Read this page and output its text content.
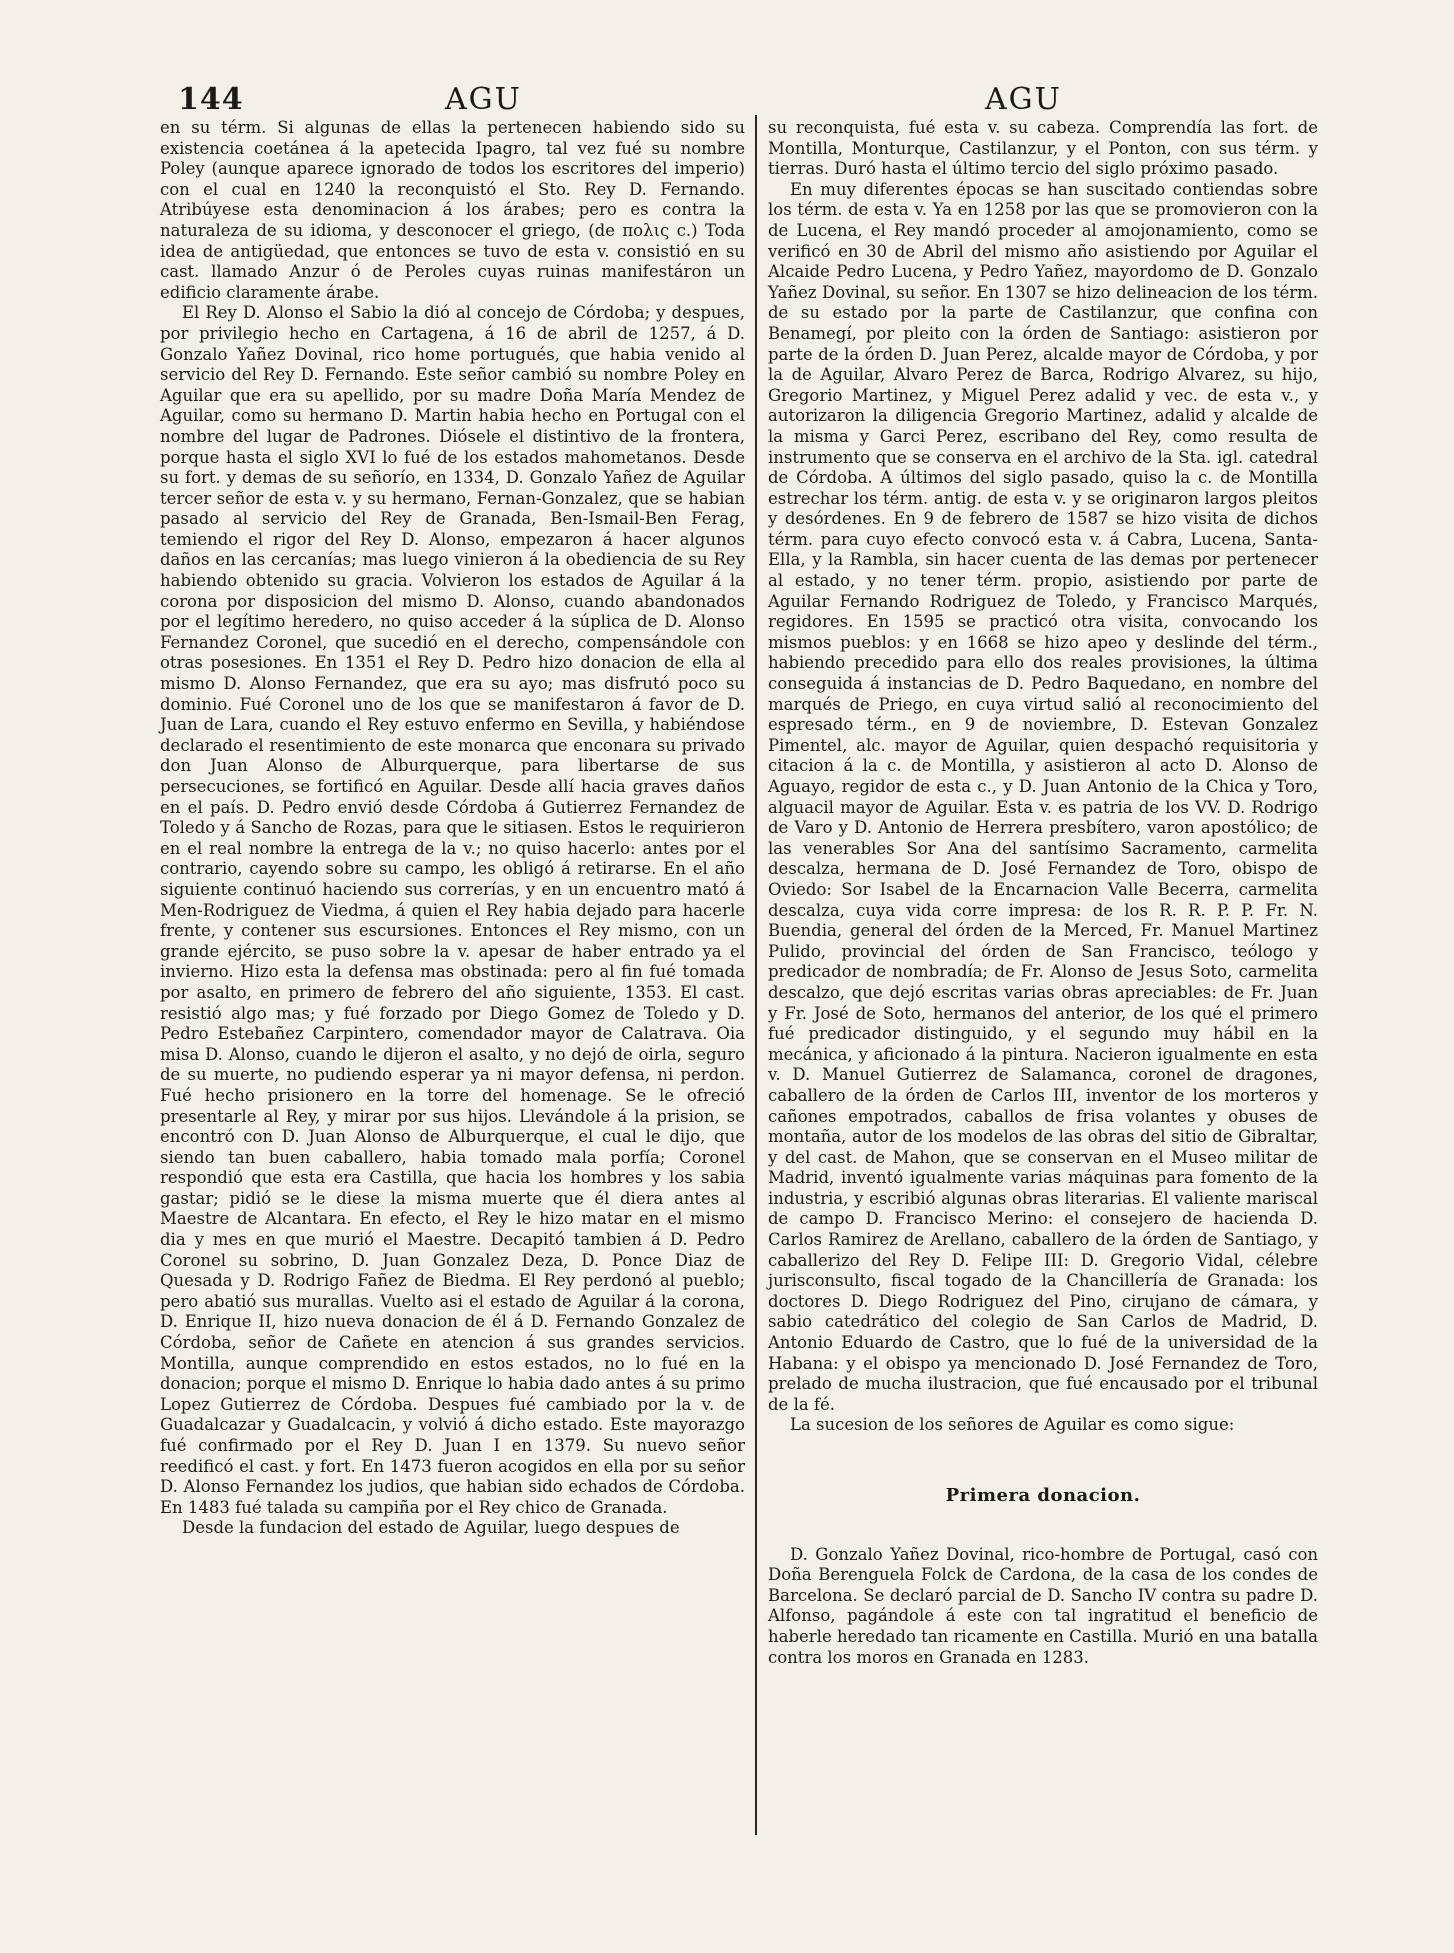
144	AGU	AGU

en su térm. Si algunas de ellas la pertenecen habiendo sido su existencia coetánea á la apetecida Ipagro, tal vez fué su nombre Poley (aunque aparece ignorado de todos los escritores del imperio) con el cual en 1240 la reconquistó el Sto. Rey D. Fernando. Atribúyese esta denominacion á los árabes; pero es contra la naturaleza de su idioma, y desconocer el griego, (de πολις c.) Toda idea de antigüedad, que entonces se tuvo de esta v. consistió en su cast. llamado Anzur ó de Peroles cuyas ruinas manifestáron un edificio claramente árabe.

El Rey D. Alonso el Sabio la dió al concejo de Córdoba; y despues, por privilegio hecho en Cartagena, á 16 de abril de 1257, á D. Gonzalo Yañez Dovinal, rico home portugués, que habia venido al servicio del Rey D. Fernando. Este señor cambió su nombre Poley en Aguilar que era su apellido, por su madre Doña María Mendez de Aguilar, como su hermano D. Martin habia hecho en Portugal con el nombre del lugar de Padrones. Diósele el distintivo de la frontera, porque hasta el siglo XVI lo fué de los estados mahometanos. Desde su fort. y demas de su señorío, en 1334, D. Gonzalo Yañez de Aguilar tercer señor de esta v. y su hermano, Fernan-Gonzalez, que se habian pasado al servicio del Rey de Granada, Ben-Ismail-Ben Ferag, temiendo el rigor del Rey D. Alonso, empezaron á hacer algunos daños en las cercanías; mas luego vinieron á la obediencia de su Rey habiendo obtenido su gracia. Volvieron los estados de Aguilar á la corona por disposicion del mismo D. Alonso, cuando abandonados por el legítimo heredero, no quiso acceder á la súplica de D. Alonso Fernandez Coronel, que sucedió en el derecho, compensándole con otras posesiones. En 1351 el Rey D. Pedro hizo donacion de ella al mismo D. Alonso Fernandez, que era su ayo; mas disfrutó poco su dominio. Fué Coronel uno de los que se manifestaron á favor de D. Juan de Lara, cuando el Rey estuvo enfermo en Sevilla, y habiéndose declarado el resentimiento de este monarca que enconara su privado don Juan Alonso de Alburquerque, para libertarse de sus persecuciones, se fortificó en Aguilar. Desde allí hacia graves daños en el país. D. Pedro envió desde Córdoba á Gutierrez Fernandez de Toledo y á Sancho de Rozas, para que le sitiasen. Estos le requirieron en el real nombre la entrega de la v.; no quiso hacerlo: antes por el contrario, cayendo sobre su campo, les obligó á retirarse. En el año siguiente continuó haciendo sus correrías, y en un encuentro mató á Men-Rodriguez de Viedma, á quien el Rey habia dejado para hacerle frente, y contener sus escursiones. Entonces el Rey mismo, con un grande ejército, se puso sobre la v. apesar de haber entrado ya el invierno. Hizo esta la defensa mas obstinada: pero al fin fué tomada por asalto, en primero de febrero del año siguiente, 1353. El cast. resistió algo mas; y fué forzado por Diego Gomez de Toledo y D. Pedro Estebañez Carpintero, comendador mayor de Calatrava. Oia misa D. Alonso, cuando le dijeron el asalto, y no dejó de oirla, seguro de su muerte, no pudiendo esperar ya ni mayor defensa, ni perdon. Fué hecho prisionero en la torre del homenage. Se le ofreció presentarle al Rey, y mirar por sus hijos. Llevándole á la prision, se encontró con D. Juan Alonso de Alburquerque, el cual le dijo, que siendo tan buen caballero, habia tomado mala porfía; Coronel respondió que esta era Castilla, que hacia los hombres y los sabia gastar; pidió se le diese la misma muerte que él diera antes al Maestre de Alcantara. En efecto, el Rey le hizo matar en el mismo dia y mes en que murió el Maestre. Decapitó tambien á D. Pedro Coronel su sobrino, D. Juan Gonzalez Deza, D. Ponce Diaz de Quesada y D. Rodrigo Fañez de Biedma. El Rey perdonó al pueblo; pero abatió sus murallas. Vuelto asi el estado de Aguilar á la corona, D. Enrique II, hizo nueva donacion de él á D. Fernando Gonzalez de Córdoba, señor de Cañete en atencion á sus grandes servicios. Montilla, aunque comprendido en estos estados, no lo fué en la donacion; porque el mismo D. Enrique lo habia dado antes á su primo Lopez Gutierrez de Córdoba. Despues fué cambiado por la v. de Guadalcazar y Guadalcacin, y volvió á dicho estado. Este mayorazgo fué confirmado por el Rey D. Juan I en 1379. Su nuevo señor reedificó el cast. y fort. En 1473 fueron acogidos en ella por su señor D. Alonso Fernandez los judios, que habian sido echados de Córdoba. En 1483 fué talada su campiña por el Rey chico de Granada.

Desde la fundacion del estado de Aguilar, luego despues de

su reconquista, fué esta v. su cabeza. Comprendía las fort. de Montilla, Monturque, Castilanzur, y el Ponton, con sus térm. y tierras. Duró hasta el último tercio del siglo próximo pasado.

En muy diferentes épocas se han suscitado contiendas sobre los térm. de esta v. Ya en 1258 por las que se promovieron con la de Lucena, el Rey mandó proceder al amojonamiento, como se verificó en 30 de Abril del mismo año asistiendo por Aguilar el Alcaide Pedro Lucena, y Pedro Yañez, mayordomo de D. Gonzalo Yañez Dovinal, su señor. En 1307 se hizo delineacion de los térm. de su estado por la parte de Castilanzur, que confina con Benamegí, por pleito con la órden de Santiago: asistieron por parte de la órden D. Juan Perez, alcalde mayor de Córdoba, y por la de Aguilar, Alvaro Perez de Barca, Rodrigo Alvarez, su hijo, Gregorio Martinez, y Miguel Perez adalid y vec. de esta v., y autorizaron la diligencia Gregorio Martinez, adalid y alcalde de la misma y Garci Perez, escribano del Rey, como resulta de instrumento que se conserva en el archivo de la Sta. igl. catedral de Córdoba. A últimos del siglo pasado, quiso la c. de Montilla estrechar los térm. antig. de esta v. y se originaron largos pleitos y desórdenes. En 9 de febrero de 1587 se hizo visita de dichos térm. para cuyo efecto convocó esta v. á Cabra, Lucena, Santa-Ella, y la Rambla, sin hacer cuenta de las demas por pertenecer al estado, y no tener térm. propio, asistiendo por parte de Aguilar Fernando Rodriguez de Toledo, y Francisco Marqués, regidores. En 1595 se practicó otra visita, convocando los mismos pueblos: y en 1668 se hizo apeo y deslinde del térm., habiendo precedido para ello dos reales provisiones, la última conseguida á instancias de D. Pedro Baquedano, en nombre del marqués de Priego, en cuya virtud salió al reconocimiento del espresado térm., en 9 de noviembre, D. Estevan Gonzalez Pimentel, alc. mayor de Aguilar, quien despachó requisitoria y citacion á la c. de Montilla, y asistieron al acto D. Alonso de Aguayo, regidor de esta c., y D. Juan Antonio de la Chica y Toro, alguacil mayor de Aguilar. Esta v. es patria de los VV. D. Rodrigo de Varo y D. Antonio de Herrera presbítero, varon apostólico; de las venerables Sor Ana del santísimo Sacramento, carmelita descalza, hermana de D. José Fernandez de Toro, obispo de Oviedo: Sor Isabel de la Encarnacion Valle Becerra, carmelita descalza, cuya vida corre impresa: de los R. R. P. P. Fr. N. Buendia, general del órden de la Merced, Fr. Manuel Martinez Pulido, provincial del órden de San Francisco, teólogo y predicador de nombradía; de Fr. Alonso de Jesus Soto, carmelita descalzo, que dejó escritas varias obras apreciables: de Fr. Juan y Fr. José de Soto, hermanos del anterior, de los qué el primero fué predicador distinguido, y el segundo muy hábil en la mecánica, y aficionado á la pintura. Nacieron igualmente en esta v. D. Manuel Gutierrez de Salamanca, coronel de dragones, caballero de la órden de Carlos III, inventor de los morteros y cañones empotrados, caballos de frisa volantes y obuses de montaña, autor de los modelos de las obras del sitio de Gibraltar, y del cast. de Mahon, que se conservan en el Museo militar de Madrid, inventó igualmente varias máquinas para fomento de la industria, y escribió algunas obras literarias. El valiente mariscal de campo D. Francisco Merino: el consejero de hacienda D. Carlos Ramirez de Arellano, caballero de la órden de Santiago, y caballerizo del Rey D. Felipe III: D. Gregorio Vidal, célebre jurisconsulto, fiscal togado de la Chancillería de Granada: los doctores D. Diego Rodriguez del Pino, cirujano de cámara, y sabio catedrático del colegio de San Carlos de Madrid, D. Antonio Eduardo de Castro, que lo fué de la universidad de la Habana: y el obispo ya mencionado D. José Fernandez de Toro, prelado de mucha ilustracion, que fué encausado por el tribunal de la fé.

La sucesion de los señores de Aguilar es como sigue:

Primera donacion.

D. Gonzalo Yañez Dovinal, rico-hombre de Portugal, casó con Doña Berenguela Folck de Cardona, de la casa de los condes de Barcelona. Se declaró parcial de D. Sancho IV contra su padre D. Alfonso, pagándole á este con tal ingratitud el beneficio de haberle heredado tan ricamente en Castilla. Murió en una batalla contra los moros en Granada en 1283.
